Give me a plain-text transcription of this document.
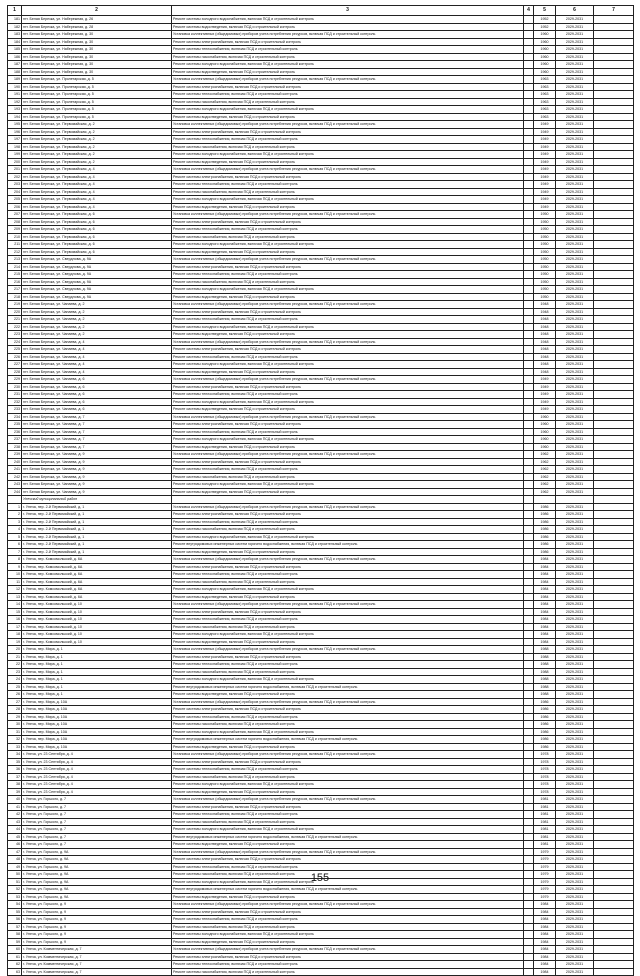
1	2	3	4	5	6	7
181	пгт. Белая Березка, ул. Набережная, д. 26	Ремонт системы холодного водоснабжения, включая ПСД и строительный контроль		1952	2029-2031	
182	пгт. Белая Березка, ул. Набережная, д. 28	Ремонт системы водоотведения, включая ПСД и строительный контроль		1952	2029-2031	
183	пгт. Белая Березка, ул. Набережная, д. 30	Установка коллективных (общедомовых) приборов учета потребления ресурсов, включая ПСД и строительный контроль		1960	2029-2031	
184	пгт. Белая Березка, ул. Набережная, д. 30	Ремонт системы электроснабжения, включая ПСД и строительный контроль		1960	2029-2031	
185	пгт. Белая Березка, ул. Набережная, д. 30	Ремонт системы теплоснабжения, включая ПСД и строительный контроль		1960	2029-2031	
186	пгт. Белая Березка, ул. Набережная, д. 30	Ремонт системы газоснабжения, включая ПСД и строительный контроль		1960	2029-2031	
187	пгт. Белая Березка, ул. Набережная, д. 30	Ремонт системы холодного водоснабжения, включая ПСД и строительный контроль		1960	2029-2031	
188	пгт. Белая Березка, ул. Набережная, д. 30	Ремонт системы водоотведения, включая ПСД и строительный контроль		1960	2029-2031	
189	пгт. Белая Березка, ул. Пролетарская, д. 5	Установка коллективных (общедомовых) приборов учета потребления ресурсов, включая ПСД и строительный контроль		1963	2029-2031	
190	пгт. Белая Березка, ул. Пролетарская, д. 5	Ремонт системы электроснабжения, включая ПСД и строительный контроль		1963	2029-2031	
191	пгт. Белая Березка, ул. Пролетарская, д. 5	Ремонт системы теплоснабжения, включая ПСД и строительный контроль		1963	2029-2031	
192	пгт. Белая Березка, ул. Пролетарская, д. 5	Ремонт системы газоснабжения, включая ПСД и строительный контроль		1963	2029-2031	
193	пгт. Белая Березка, ул. Пролетарская, д. 5	Ремонт системы холодного водоснабжения, включая ПСД и строительный контроль		1963	2029-2031	
194	пгт. Белая Березка, ул. Пролетарская, д. 5	Ремонт системы водоотведения, включая ПСД и строительный контроль		1963	2029-2031	
195	пгт. Белая Березка, ул. Первомайская, д. 2	Установка коллективных (общедомовых) приборов учета потребления ресурсов, включая ПСД и строительный контроль		1949	2029-2031	
196	пгт. Белая Березка, ул. Первомайская, д. 2	Ремонт системы электроснабжения, включая ПСД и строительный контроль		1949	2029-2031	
197	пгт. Белая Березка, ул. Первомайская, д. 2	Ремонт системы теплоснабжения, включая ПСД и строительный контроль		1949	2029-2031	
198	пгт. Белая Березка, ул. Первомайская, д. 2	Ремонт системы газоснабжения, включая ПСД и строительный контроль		1949	2029-2031	
199	пгт. Белая Березка, ул. Первомайская, д. 2	Ремонт системы холодного водоснабжения, включая ПСД и строительный контроль		1949	2029-2031	
200	пгт. Белая Березка, ул. Первомайская, д. 2	Ремонт системы водоотведения, включая ПСД и строительный контроль		1949	2029-2031	
201	пгт. Белая Березка, ул. Первомайская, д. 4	Установка коллективных (общедомовых) приборов учета потребления ресурсов, включая ПСД и строительный контроль		1949	2029-2031	
202	пгт. Белая Березка, ул. Первомайская, д. 4	Ремонт системы электроснабжения, включая ПСД и строительный контроль		1949	2029-2031	
203	пгт. Белая Березка, ул. Первомайская, д. 4	Ремонт системы теплоснабжения, включая ПСД и строительный контроль		1949	2029-2031	
204	пгт. Белая Березка, ул. Первомайская, д. 4	Ремонт системы газоснабжения, включая ПСД и строительный контроль		1949	2029-2031	
205	пгт. Белая Березка, ул. Первомайская, д. 4	Ремонт системы холодного водоснабжения, включая ПСД и строительный контроль		1949	2029-2031	
206	пгт. Белая Березка, ул. Первомайская, д. 4	Ремонт системы водоотведения, включая ПСД и строительный контроль		1949	2029-2031	
207	пгт. Белая Березка, ул. Первомайская, д. 6	Установка коллективных (общедомовых) приборов учета потребления ресурсов, включая ПСД и строительный контроль		1950	2029-2031	
208	пгт. Белая Березка, ул. Первомайская, д. 6	Ремонт системы электроснабжения, включая ПСД и строительный контроль		1950	2029-2031	
209	пгт. Белая Березка, ул. Первомайская, д. 6	Ремонт системы теплоснабжения, включая ПСД и строительный контроль		1950	2029-2031	
210	пгт. Белая Березка, ул. Первомайская, д. 6	Ремонт системы газоснабжения, включая ПСД и строительный контроль		1950	2029-2031	
211	пгт. Белая Березка, ул. Первомайская, д. 6	Ремонт системы холодного водоснабжения, включая ПСД и строительный контроль		1950	2029-2031	
212	пгт. Белая Березка, ул. Первомайская, д. 6	Ремонт системы водоотведения, включая ПСД и строительный контроль		1950	2029-2031	
213	пгт. Белая Березка, ул. Свердлова, д. 9А	Установка коллективных (общедомовых) приборов учета потребления ресурсов, включая ПСД и строительный контроль		1950	2029-2031	
214	пгт. Белая Березка, ул. Свердлова, д. 9А	Ремонт системы электроснабжения, включая ПСД и строительный контроль		1950	2029-2031	
215	пгт. Белая Березка, ул. Свердлова, д. 9А	Ремонт системы теплоснабжения, включая ПСД и строительный контроль		1950	2029-2031	
216	пгт. Белая Березка, ул. Свердлова, д. 9А	Ремонт системы газоснабжения, включая ПСД и строительный контроль		1950	2029-2031	
217	пгт. Белая Березка, ул. Свердлова, д. 9А	Ремонт системы холодного водоснабжения, включая ПСД и строительный контроль		1950	2029-2031	
218	пгт. Белая Березка, ул. Свердлова, д. 9А	Ремонт системы водоотведения, включая ПСД и строительный контроль		1950	2029-2031	
219	пгт. Белая Березка, ул. Чапаева, д. 2	Установка коллективных (общедомовых) приборов учета потребления ресурсов, включая ПСД и строительный контроль		1948	2029-2031	
220	пгт. Белая Березка, ул. Чапаева, д. 2	Ремонт системы электроснабжения, включая ПСД и строительный контроль		1948	2029-2031	
221	пгт. Белая Березка, ул. Чапаева, д. 2	Ремонт системы теплоснабжения, включая ПСД и строительный контроль		1948	2029-2031	
222	пгт. Белая Березка, ул. Чапаева, д. 2	Ремонт системы холодного водоснабжения, включая ПСД и строительный контроль		1948	2029-2031	
223	пгт. Белая Березка, ул. Чапаева, д. 2	Ремонт системы водоотведения, включая ПСД и строительный контроль		1948	2029-2031	
224	пгт. Белая Березка, ул. Чапаева, д. 4	Установка коллективных (общедомовых) приборов учета потребления ресурсов, включая ПСД и строительный контроль		1948	2029-2031	
225	пгт. Белая Березка, ул. Чапаева, д. 4	Ремонт системы электроснабжения, включая ПСД и строительный контроль		1948	2029-2031	
226	пгт. Белая Березка, ул. Чапаева, д. 4	Ремонт системы теплоснабжения, включая ПСД и строительный контроль		1948	2029-2031	
227	пгт. Белая Березка, ул. Чапаева, д. 4	Ремонт системы холодного водоснабжения, включая ПСД и строительный контроль		1948	2029-2031	
228	пгт. Белая Березка, ул. Чапаева, д. 4	Ремонт системы водоотведения, включая ПСД и строительный контроль		1948	2029-2031	
229	пгт. Белая Березка, ул. Чапаева, д. 6	Установка коллективных (общедомовых) приборов учета потребления ресурсов, включая ПСД и строительный контроль		1949	2029-2031	
230	пгт. Белая Березка, ул. Чапаева, д. 6	Ремонт системы электроснабжения, включая ПСД и строительный контроль		1949	2029-2031	
231	пгт. Белая Березка, ул. Чапаева, д. 6	Ремонт системы теплоснабжения, включая ПСД и строительный контроль		1949	2029-2031	
232	пгт. Белая Березка, ул. Чапаева, д. 6	Ремонт системы холодного водоснабжения, включая ПСД и строительный контроль		1949	2029-2031	
233	пгт. Белая Березка, ул. Чапаева, д. 6	Ремонт системы водоотведения, включая ПСД и строительный контроль		1949	2029-2031	
234	пгт. Белая Березка, ул. Чапаева, д. 7	Установка коллективных (общедомовых) приборов учета потребления ресурсов, включая ПСД и строительный контроль		1960	2029-2031	
235	пгт. Белая Березка, ул. Чапаева, д. 7	Ремонт системы электроснабжения, включая ПСД и строительный контроль		1960	2029-2031	
236	пгт. Белая Березка, ул. Чапаева, д. 7	Ремонт системы теплоснабжения, включая ПСД и строительный контроль		1960	2029-2031	
237	пгт. Белая Березка, ул. Чапаева, д. 7	Ремонт системы холодного водоснабжения, включая ПСД и строительный контроль		1960	2029-2031	
238	пгт. Белая Березка, ул. Чапаева, д. 7	Ремонт системы водоотведения, включая ПСД и строительный контроль		1960	2029-2031	
239	пгт. Белая Березка, ул. Чапаева, д. 9	Установка коллективных (общедомовых) приборов учета потребления ресурсов, включая ПСД и строительный контроль		1962	2029-2031	
240	пгт. Белая Березка, ул. Чапаева, д. 9	Ремонт системы электроснабжения, включая ПСД и строительный контроль		1962	2029-2031	
241	пгт. Белая Березка, ул. Чапаева, д. 9	Ремонт системы теплоснабжения, включая ПСД и строительный контроль		1962	2029-2031	
242	пгт. Белая Березка, ул. Чапаева, д. 9	Ремонт системы газоснабжения, включая ПСД и строительный контроль		1962	2029-2031	
243	пгт. Белая Березка, ул. Чапаева, д. 9	Ремонт системы холодного водоснабжения, включая ПСД и строительный контроль		1962	2029-2031	
244	пгт. Белая Березка, ул. Чапаева, д. 9	Ремонт системы водоотведения, включая ПСД и строительный контроль		1962	2029-2031	
	Унечский муниципальный район					
1	г. Унеча, пер. 2-й Первомайский, д. 1	Установка коллективных (общедомовых) приборов учета потребления ресурсов, включая ПСД и строительный контроль		1986	2029-2031	
2	г. Унеча, пер. 2-й Первомайский, д. 1	Ремонт системы электроснабжения, включая ПСД и строительный контроль		1986	2029-2031	
3	г. Унеча, пер. 2-й Первомайский, д. 1	Ремонт системы теплоснабжения, включая ПСД и строительный контроль		1986	2029-2031	
4	г. Унеча, пер. 2-й Первомайский, д. 1	Ремонт системы газоснабжения, включая ПСД и строительный контроль		1986	2029-2031	
5	г. Унеча, пер. 2-й Первомайский, д. 1	Ремонт системы холодного водоснабжения, включая ПСД и строительный контроль		1986	2029-2031	
6	г. Унеча, пер. 2-й Первомайский, д. 1	Ремонт внутридомовых инженерных систем горячего водоснабжения, включая ПСД и строительный контроль		1986	2029-2031	
7	г. Унеча, пер. 2-й Первомайский, д. 1	Ремонт системы водоотведения, включая ПСД и строительный контроль		1986	2029-2031	
8	г. Унеча, пер. Комсомольский, д. 6А	Установка коллективных (общедомовых) приборов учета потребления ресурсов, включая ПСД и строительный контроль		1984	2029-2031	
9	г. Унеча, пер. Комсомольский, д. 6А	Ремонт системы электроснабжения, включая ПСД и строительный контроль		1984	2029-2031	
10	г. Унеча, пер. Комсомольский, д. 6А	Ремонт системы теплоснабжения, включая ПСД и строительный контроль		1984	2029-2031	
11	г. Унеча, пер. Комсомольский, д. 6А	Ремонт системы газоснабжения, включая ПСД и строительный контроль		1984	2029-2031	
12	г. Унеча, пер. Комсомольский, д. 6А	Ремонт системы холодного водоснабжения, включая ПСД и строительный контроль		1984	2029-2031	
13	г. Унеча, пер. Комсомольский, д. 6А	Ремонт системы водоотведения, включая ПСД и строительный контроль		1984	2029-2031	
14	г. Унеча, пер. Комсомольский, д. 10	Установка коллективных (общедомовых) приборов учета потребления ресурсов, включая ПСД и строительный контроль		1984	2029-2031	
15	г. Унеча, пер. Комсомольский, д. 10	Ремонт системы электроснабжения, включая ПСД и строительный контроль		1984	2029-2031	
16	г. Унеча, пер. Комсомольский, д. 10	Ремонт системы теплоснабжения, включая ПСД и строительный контроль		1984	2029-2031	
17	г. Унеча, пер. Комсомольский, д. 10	Ремонт системы газоснабжения, включая ПСД и строительный контроль		1984	2029-2031	
18	г. Унеча, пер. Комсомольский, д. 10	Ремонт системы холодного водоснабжения, включая ПСД и строительный контроль		1984	2029-2031	
19	г. Унеча, пер. Комсомольский, д. 10	Ремонт системы водоотведения, включая ПСД и строительный контроль		1984	2029-2031	
20	г. Унеча, пер. Мира, д. 1	Установка коллективных (общедомовых) приборов учета потребления ресурсов, включая ПСД и строительный контроль		1988	2029-2031	
21	г. Унеча, пер. Мира, д. 1	Ремонт системы электроснабжения, включая ПСД и строительный контроль		1988	2029-2031	
22	г. Унеча, пер. Мира, д. 1	Ремонт системы теплоснабжения, включая ПСД и строительный контроль		1988	2029-2031	
23	г. Унеча, пер. Мира, д. 1	Ремонт системы газоснабжения, включая ПСД и строительный контроль		1988	2029-2031	
24	г. Унеча, пер. Мира, д. 1	Ремонт системы холодного водоснабжения, включая ПСД и строительный контроль		1988	2029-2031	
25	г. Унеча, пер. Мира, д. 1	Ремонт внутридомовых инженерных систем горячего водоснабжения, включая ПСД и строительный контроль		1988	2029-2031	
26	г. Унеча, пер. Мира, д. 1	Ремонт системы водоотведения, включая ПСД и строительный контроль		1988	2029-2031	
27	г. Унеча, пер. Мира, д. 10А	Установка коллективных (общедомовых) приборов учета потребления ресурсов, включая ПСД и строительный контроль		1986	2029-2031	
28	г. Унеча, пер. Мира, д. 10А	Ремонт системы электроснабжения, включая ПСД и строительный контроль		1986	2029-2031	
29	г. Унеча, пер. Мира, д. 10А	Ремонт системы теплоснабжения, включая ПСД и строительный контроль		1986	2029-2031	
30	г. Унеча, пер. Мира, д. 10А	Ремонт системы газоснабжения, включая ПСД и строительный контроль		1986	2029-2031	
31	г. Унеча, пер. Мира, д. 10А	Ремонт системы холодного водоснабжения, включая ПСД и строительный контроль		1986	2029-2031	
32	г. Унеча, пер. Мира, д. 10А	Ремонт внутридомовых инженерных систем горячего водоснабжения, включая ПСД и строительный контроль		1986	2029-2031	
33	г. Унеча, пер. Мира, д. 10А	Ремонт системы водоотведения, включая ПСД и строительный контроль		1986	2029-2031	
34	г. Унеча, ул. 23 Сентября, д. 4	Установка коллективных (общедомовых) приборов учета потребления ресурсов, включая ПСД и строительный контроль		1978	2029-2031	
35	г. Унеча, ул. 23 Сентября, д. 4	Ремонт системы электроснабжения, включая ПСД и строительный контроль		1978	2029-2031	
36	г. Унеча, ул. 23 Сентября, д. 4	Ремонт системы теплоснабжения, включая ПСД и строительный контроль		1978	2029-2031	
37	г. Унеча, ул. 23 Сентября, д. 4	Ремонт системы газоснабжения, включая ПСД и строительный контроль		1978	2029-2031	
38	г. Унеча, ул. 23 Сентября, д. 4	Ремонт системы холодного водоснабжения, включая ПСД и строительный контроль		1978	2029-2031	
39	г. Унеча, ул. 23 Сентября, д. 4	Ремонт системы водоотведения, включая ПСД и строительный контроль		1978	2029-2031	
40	г. Унеча, ул. Горького, д. 7	Установка коллективных (общедомовых) приборов учета потребления ресурсов, включая ПСД и строительный контроль		1981	2029-2031	
41	г. Унеча, ул. Горького, д. 7	Ремонт системы электроснабжения, включая ПСД и строительный контроль		1981	2029-2031	
42	г. Унеча, ул. Горького, д. 7	Ремонт системы теплоснабжения, включая ПСД и строительный контроль		1981	2029-2031	
43	г. Унеча, ул. Горького, д. 7	Ремонт системы газоснабжения, включая ПСД и строительный контроль		1981	2029-2031	
44	г. Унеча, ул. Горького, д. 7	Ремонт системы холодного водоснабжения, включая ПСД и строительный контроль		1981	2029-2031	
45	г. Унеча, ул. Горького, д. 7	Ремонт внутридомовых инженерных систем горячего водоснабжения, включая ПСД и строительный контроль		1981	2029-2031	
46	г. Унеча, ул. Горького, д. 7	Ремонт системы водоотведения, включая ПСД и строительный контроль		1981	2029-2031	
47	г. Унеча, ул. Горького, д. 9А	Установка коллективных (общедомовых) приборов учета потребления ресурсов, включая ПСД и строительный контроль		1979	2029-2031	
48	г. Унеча, ул. Горького, д. 9А	Ремонт системы электроснабжения, включая ПСД и строительный контроль		1979	2029-2031	
49	г. Унеча, ул. Горького, д. 9А	Ремонт системы теплоснабжения, включая ПСД и строительный контроль		1979	2029-2031	
50	г. Унеча, ул. Горького, д. 9А	Ремонт системы газоснабжения, включая ПСД и строительный контроль		1979	2029-2031	
51	г. Унеча, ул. Горького, д. 9А	Ремонт системы холодного водоснабжения, включая ПСД и строительный контроль		1979	2029-2031	
52	г. Унеча, ул. Горького, д. 9А	Ремонт внутридомовых инженерных систем горячего водоснабжения, включая ПСД и строительный контроль		1979	2029-2031	
53	г. Унеча, ул. Горького, д. 9А	Ремонт системы водоотведения, включая ПСД и строительный контроль		1979	2029-2031	
54	г. Унеча, ул. Горького, д. 9	Установка коллективных (общедомовых) приборов учета потребления ресурсов, включая ПСД и строительный контроль		1984	2029-2031	
55	г. Унеча, ул. Горького, д. 9	Ремонт системы электроснабжения, включая ПСД и строительный контроль		1984	2029-2031	
56	г. Унеча, ул. Горького, д. 9	Ремонт системы теплоснабжения, включая ПСД и строительный контроль		1984	2029-2031	
57	г. Унеча, ул. Горького, д. 9	Ремонт системы газоснабжения, включая ПСД и строительный контроль		1984	2029-2031	
58	г. Унеча, ул. Горького, д. 9	Ремонт системы холодного водоснабжения, включая ПСД и строительный контроль		1984	2029-2031	
59	г. Унеча, ул. Горького, д. 9	Ремонт системы водоотведения, включая ПСД и строительный контроль		1984	2029-2031	
60	г. Унеча, ул. Комментичерская, д. 7	Установка коллективных (общедомовых) приборов учета потребления ресурсов, включая ПСД и строительный контроль		1984	2029-2031	
61	г. Унеча, ул. Комментичерская, д. 7	Ремонт системы электроснабжения, включая ПСД и строительный контроль		1984	2029-2031	
62	г. Унеча, ул. Комментичерская, д. 7	Ремонт системы теплоснабжения, включая ПСД и строительный контроль		1984	2029-2031	
63	г. Унеча, ул. Комментичерская, д. 7	Ремонт системы газоснабжения, включая ПСД и строительный контроль		1984	2029-2031	
155
